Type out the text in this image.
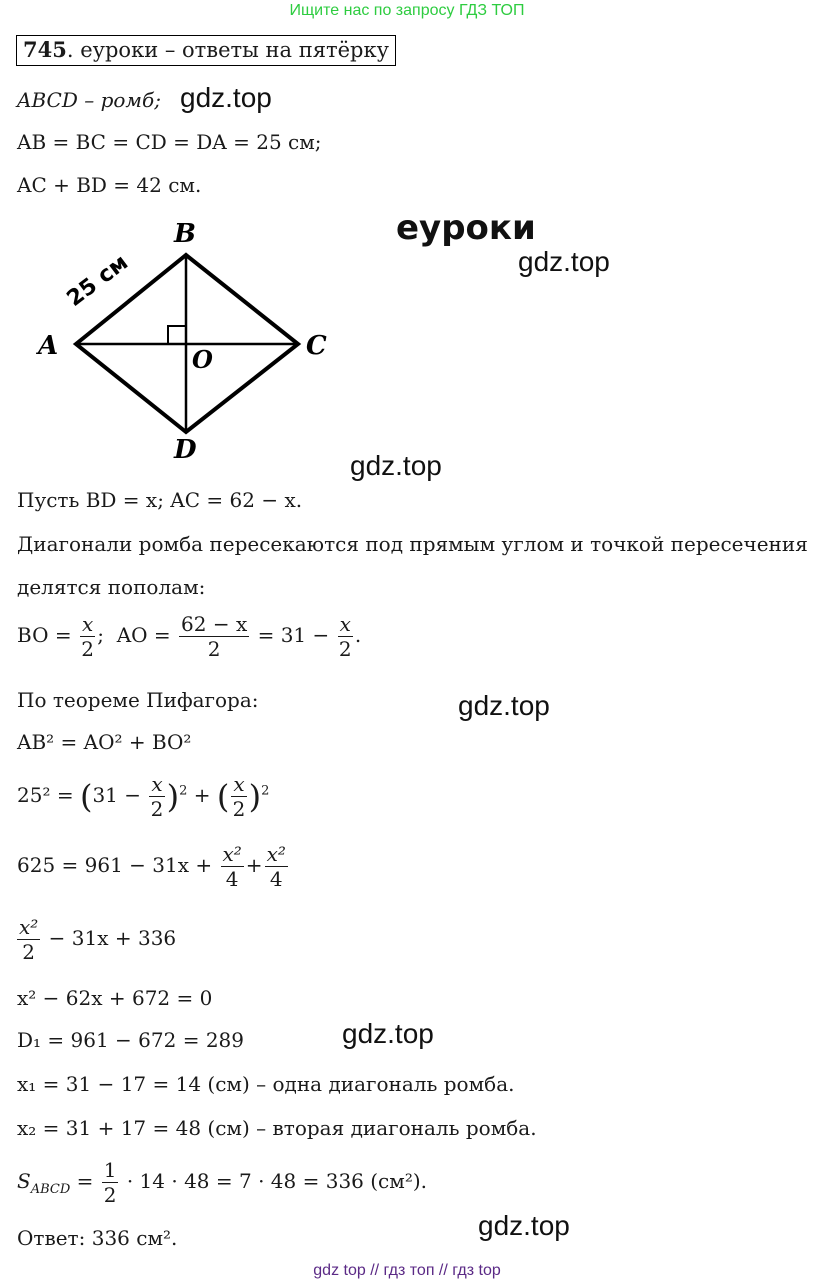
Ищите нас по запросу ГДЗ ТОП
745. еуроки – ответы на пятёрку
ABCD – ромб; gdz.top
AB = BC = CD = DA = 25 см;
AC + BD = 42 см.
A
B
C
D
O
25 см
еуроки
gdz.top
gdz.top
Пусть BD = x; AC = 62 − x.
Диагонали ромба пересекаются под прямым углом и точкой пересечения
делятся пополам:
BO = $\frac{x}{2}$ ;  AO = $\frac{62 - x}{2} = 31 - \frac{x}{2}$ .
По теореме Пифагора:	gdz.top
AB² = AO² + BO²
$25^2 = (31 - \frac{x}{2} )^2$ + ( $\frac{x}{2} )^2$
$625 = 961 - 31x + \frac{\text{x²}}{4} + \frac{\text{x²}}{4}$
$\frac{\text{x²}}{2} - 31x + 336$
x² − 62x + 672 = 0
D₁ = 961 − 672 = 289	gdz.top
x₁ = 31 − 17 = 14 (см) – одна диагональ ромба.
x₂ = 31 + 17 = 48 (см) – вторая диагональ ромба.
$S_{ABCD} = \frac{1}{2} \cdot 14 \cdot 48 = 7 \cdot 48 = 336$ (см²).
Ответ: 336 см².	gdz.top
gdz top // гдз топ // гдз top
